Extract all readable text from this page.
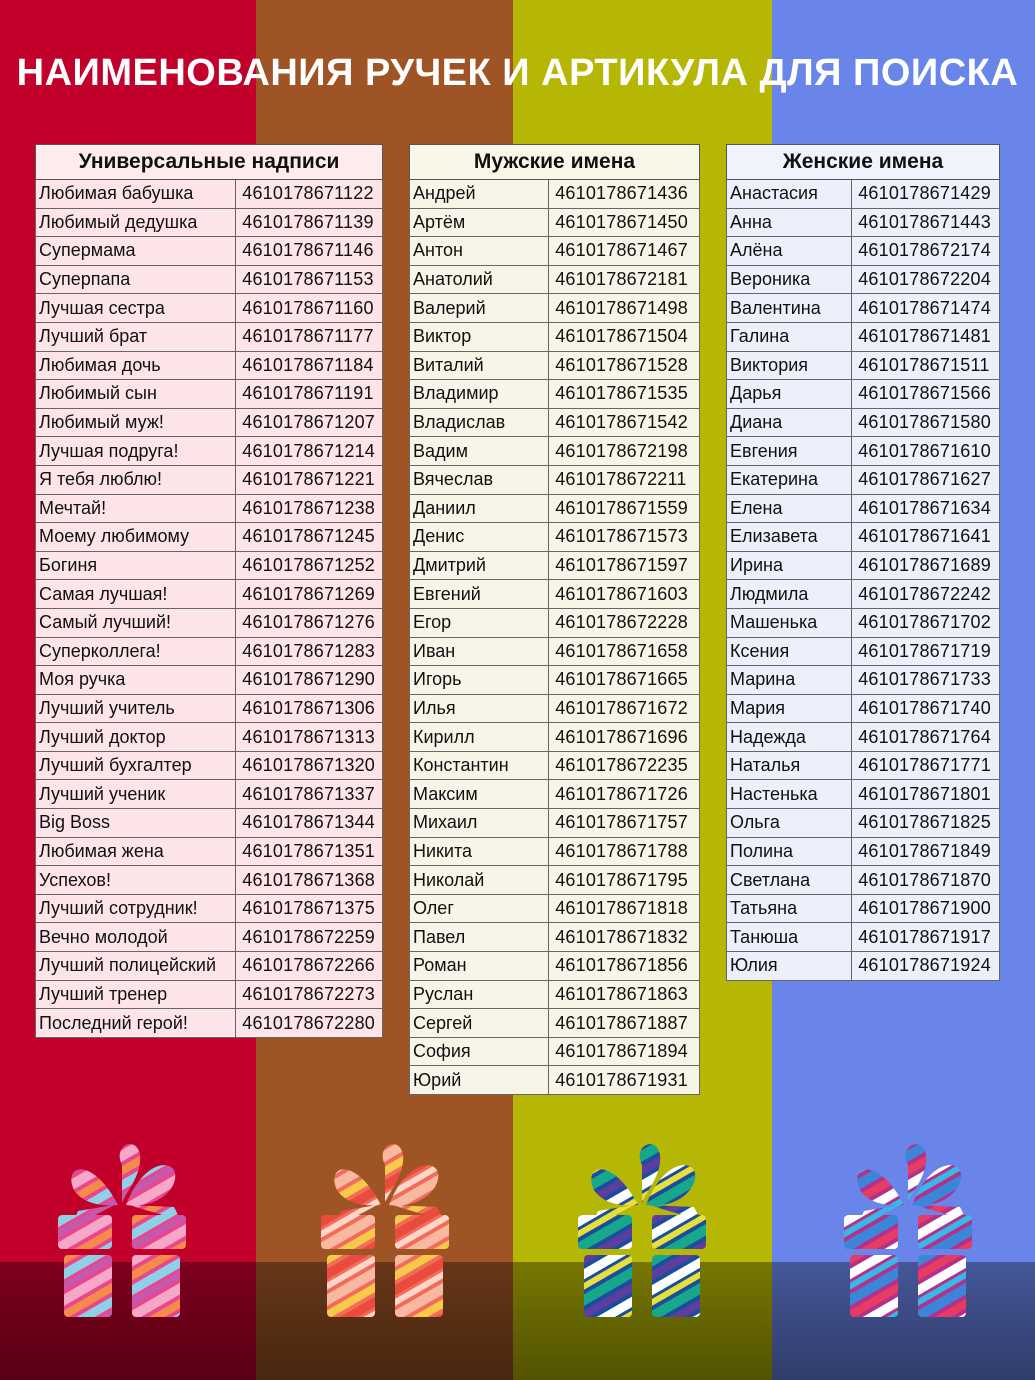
НАИМЕНОВАНИЯ РУЧЕК И АРТИКУЛА ДЛЯ ПОИСКА
Универсальные надписи	
Любимая бабушка	4610178671122
Любимый дедушка	4610178671139
Супермама	4610178671146
Суперпапа	4610178671153
Лучшая сестра	4610178671160
Лучший брат	4610178671177
Любимая дочь	4610178671184
Любимый сын	4610178671191
Любимый муж!	4610178671207
Лучшая подруга!	4610178671214
Я тебя люблю!	4610178671221
Мечтай!	4610178671238
Моему любимому	4610178671245
Богиня	4610178671252
Самая лучшая!	4610178671269
Самый лучший!	4610178671276
Суперколлега!	4610178671283
Моя ручка	4610178671290
Лучший учитель	4610178671306
Лучший доктор	4610178671313
Лучший бухгалтер	4610178671320
Лучший ученик	4610178671337
Big Boss	4610178671344
Любимая жена	4610178671351
Успехов!	4610178671368
Лучший сотрудник!	4610178671375
Вечно молодой	4610178672259
Лучший полицейский	4610178672266
Лучший тренер	4610178672273
Последний герой!	4610178672280
Мужские имена	
Андрей	4610178671436
Артём	4610178671450
Антон	4610178671467
Анатолий	4610178672181
Валерий	4610178671498
Виктор	4610178671504
Виталий	4610178671528
Владимир	4610178671535
Владислав	4610178671542
Вадим	4610178672198
Вячеслав	4610178672211
Даниил	4610178671559
Денис	4610178671573
Дмитрий	4610178671597
Евгений	4610178671603
Егор	4610178672228
Иван	4610178671658
Игорь	4610178671665
Илья	4610178671672
Кирилл	4610178671696
Константин	4610178672235
Максим	4610178671726
Михаил	4610178671757
Никита	4610178671788
Николай	4610178671795
Олег	4610178671818
Павел	4610178671832
Роман	4610178671856
Руслан	4610178671863
Сергей	4610178671887
София	4610178671894
Юрий	4610178671931
Женские имена	
Анастасия	4610178671429
Анна	4610178671443
Алёна	4610178672174
Вероника	4610178672204
Валентина	4610178671474
Галина	4610178671481
Виктория	4610178671511
Дарья	4610178671566
Диана	4610178671580
Евгения	4610178671610
Екатерина	4610178671627
Елена	4610178671634
Елизавета	4610178671641
Ирина	4610178671689
Людмила	4610178672242
Машенька	4610178671702
Ксения	4610178671719
Марина	4610178671733
Мария	4610178671740
Надежда	4610178671764
Наталья	4610178671771
Настенька	4610178671801
Ольга	4610178671825
Полина	4610178671849
Светлана	4610178671870
Татьяна	4610178671900
Танюша	4610178671917
Юлия	4610178671924
